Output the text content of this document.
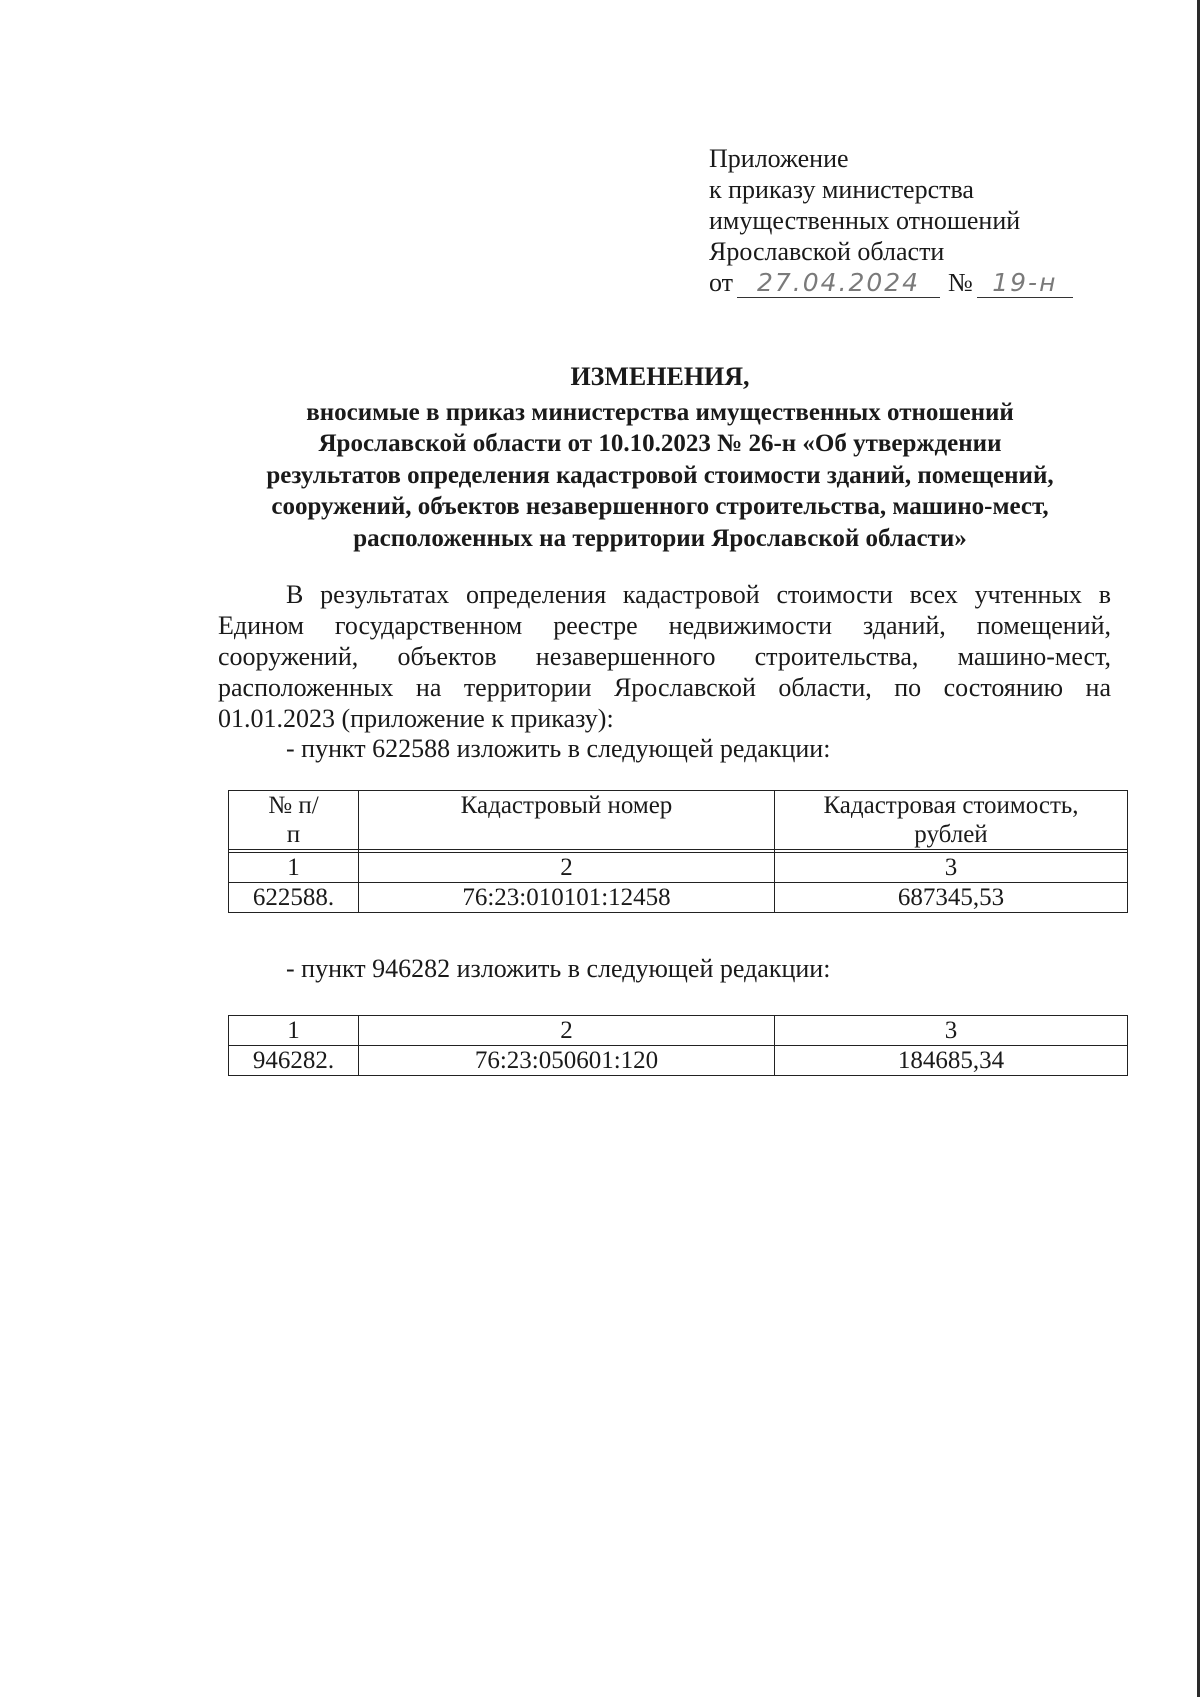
Приложение
к приказу министерства
имущественных отношений
Ярославской области
от 27.04.2024 № 19-н
ИЗМЕНЕНИЯ,
вносимые в приказ министерства имущественных отношений
Ярославской области от 10.10.2023 № 26-н «Об утверждении
результатов определения кадастровой стоимости зданий, помещений,
сооружений, объектов незавершенного строительства, машино-мест,
расположенных на территории Ярославской области»
В результатах определения кадастровой стоимости всех учтенных в Едином государственном реестре недвижимости зданий, помещений, сооружений, объектов незавершенного строительства, машино-мест, расположенных на территории Ярославской области, по состоянию на 01.01.2023 (приложение к приказу):
- пункт 622588 изложить в следующей редакции:
№ п/п	Кадастровый номер	Кадастровая стоимость, рублей

1	2	3
622588.	76:23:010101:12458	687345,53
- пункт 946282 изложить в следующей редакции:
1	2	3
946282.	76:23:050601:120	184685,34
